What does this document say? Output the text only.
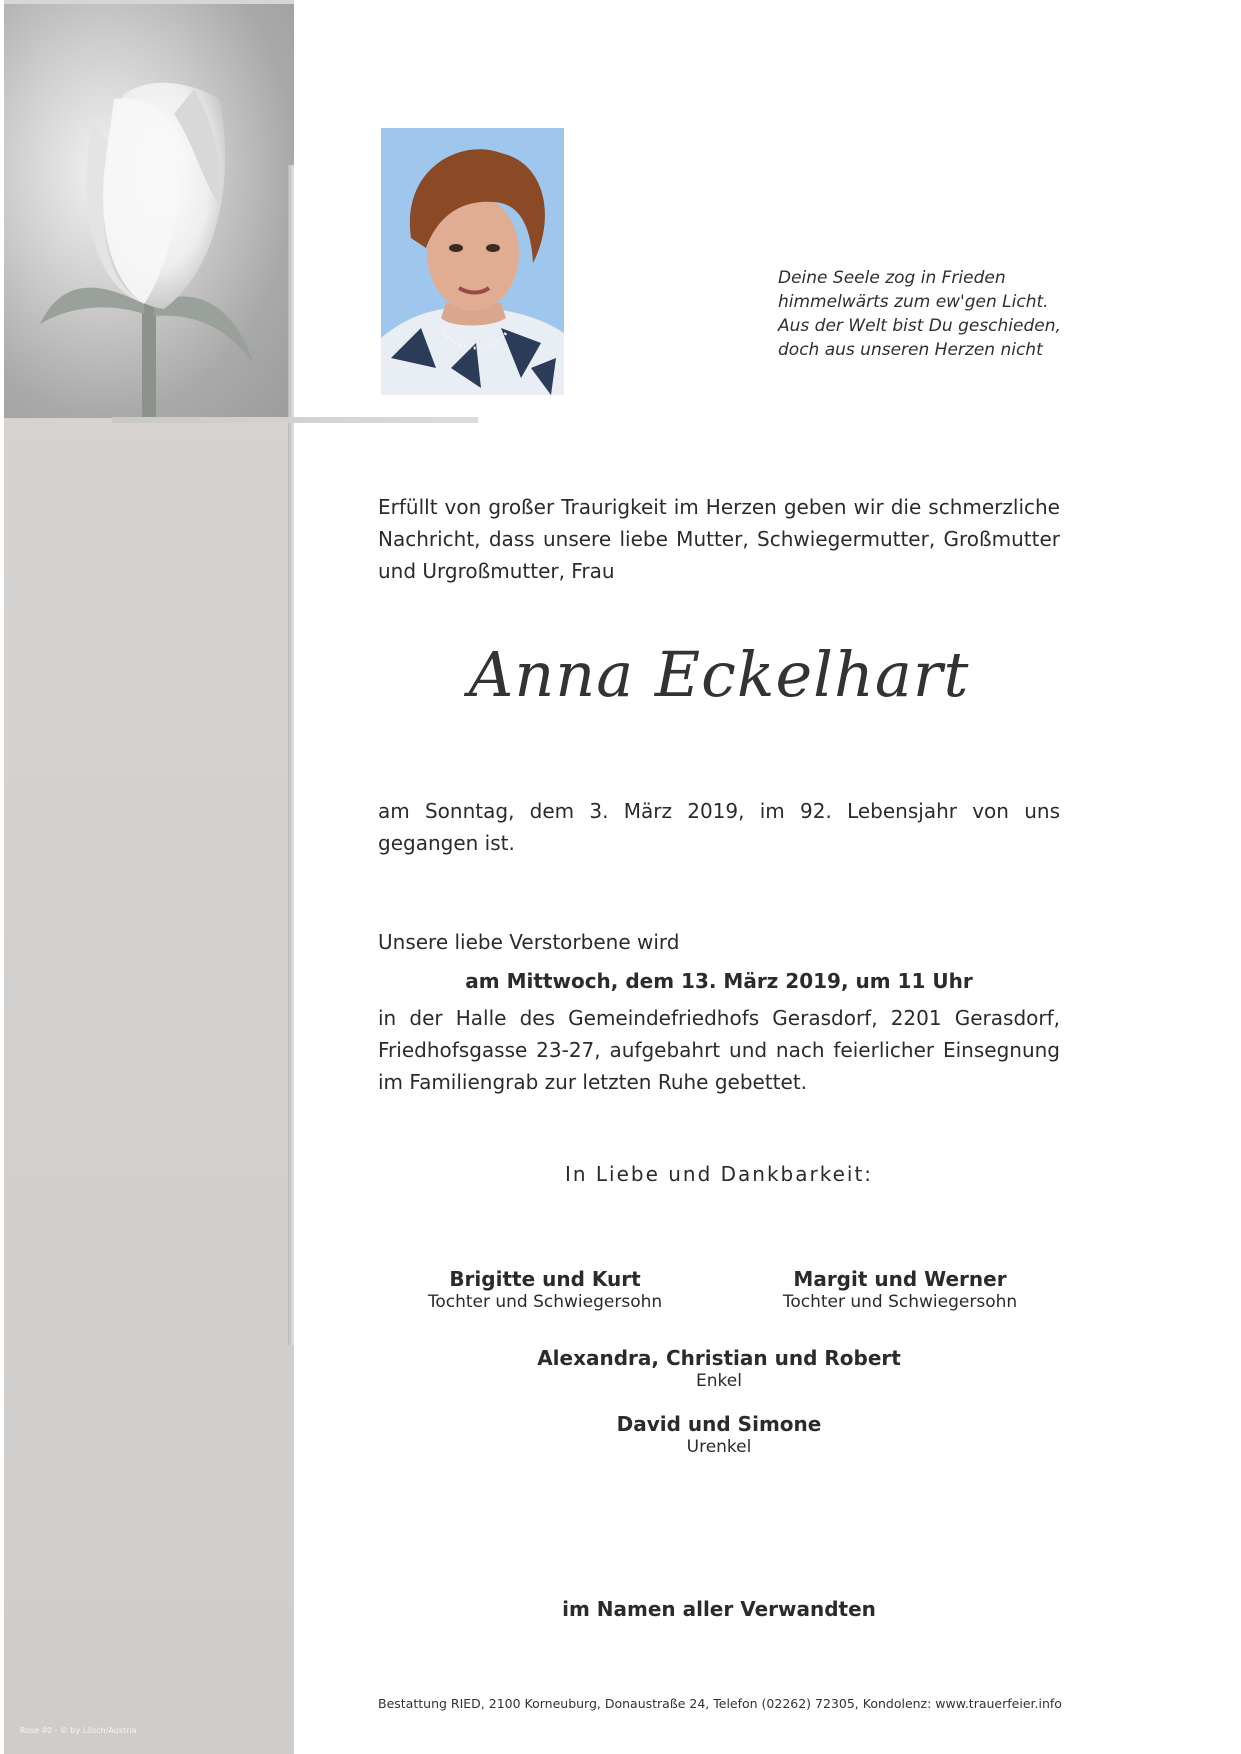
Deine Seele zog in Frieden
himmelwärts zum ew'gen Licht.
Aus der Welt bist Du geschieden,
doch aus unseren Herzen nicht
Erfüllt von großer Traurigkeit im Herzen geben wir die schmerzliche Nachricht, dass unsere liebe Mutter, Schwiegermutter, Großmutter und Urgroßmutter, Frau
Anna Eckelhart
am Sonntag, dem 3. März 2019, im 92. Lebensjahr von uns gegangen ist.
Unsere liebe Verstorbene wird
am Mittwoch, dem 13. März 2019, um 11 Uhr
in der Halle des Gemeindefriedhofs Gerasdorf, 2201 Gerasdorf, Friedhofsgasse 23-27, aufgebahrt und nach feierlicher Einsegnung im Familiengrab zur letzten Ruhe gebettet.
In Liebe und Dankbarkeit:
Brigitte und Kurt
Tochter und Schwiegersohn
Margit und Werner
Tochter und Schwiegersohn
Alexandra, Christian und Robert
Enkel
David und Simone
Urenkel
im Namen aller Verwandten
Bestattung RIED, 2100 Korneuburg, Donaustraße 24, Telefon (02262) 72305, Kondolenz: www.trauerfeier.info
Rose 40 - © by Lösch/Austria
